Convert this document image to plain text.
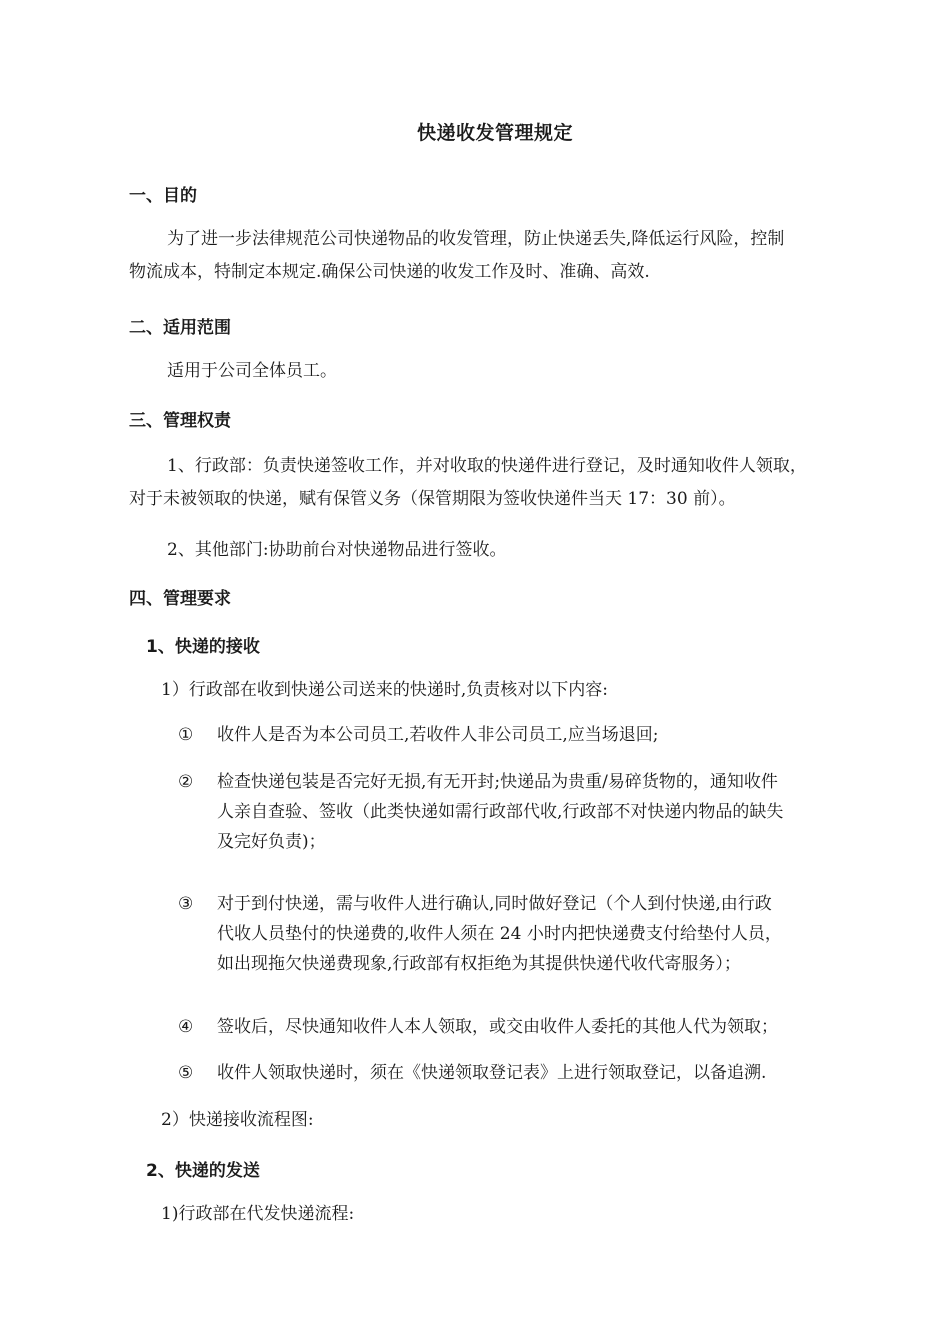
快递收发管理规定
一、目的
为了进一步法律规范公司快递物品的收发管理，防止快递丢失,降低运行风险，控制
物流成本，特制定本规定.确保公司快递的收发工作及时、准确、高效.
二、适用范围
适用于公司全体员工。
三、管理权责
1、行政部：负责快递签收工作，并对收取的快递件进行登记，及时通知收件人领取，
对于未被领取的快递，赋有保管义务（保管期限为签收快递件当天 17：30 前）。
2、其他部门:协助前台对快递物品进行签收。
四、管理要求
1、快递的接收
1）行政部在收到快递公司送来的快递时,负责核对以下内容:
① 收件人是否为本公司员工,若收件人非公司员工,应当场退回;
② 检查快递包装是否完好无损,有无开封;快递品为贵重/易碎货物的，通知收件
人亲自查验、签收（此类快递如需行政部代收,行政部不对快递内物品的缺失
及完好负责)；
③ 对于到付快递，需与收件人进行确认,同时做好登记（个人到付快递,由行政
代收人员垫付的快递费的,收件人须在 24 小时内把快递费支付给垫付人员，
如出现拖欠快递费现象,行政部有权拒绝为其提供快递代收代寄服务）；
④ 签收后，尽快通知收件人本人领取，或交由收件人委托的其他人代为领取；
⑤ 收件人领取快递时，须在《快递领取登记表》上进行领取登记，以备追溯.
2）快递接收流程图:
2、快递的发送
1)行政部在代发快递流程:
